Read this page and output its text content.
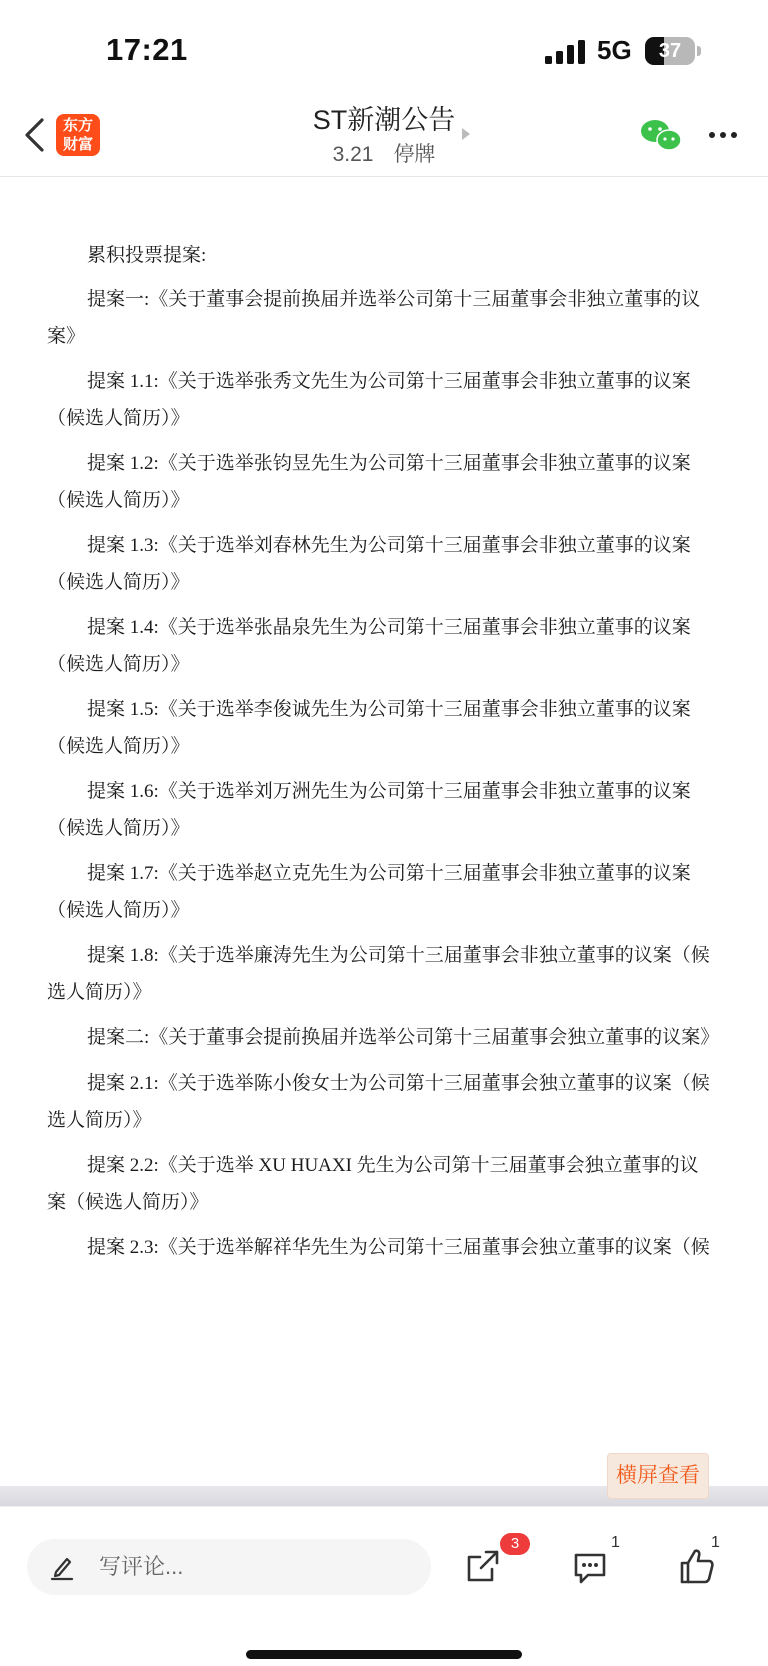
17:21	5G	37
东方
财富
ST新潮公告
3.21 停牌
累积投票提案:
提案一:《关于董事会提前换届并选举公司第十三届董事会非独立董事的议案》
提案 1.1:《关于选举张秀文先生为公司第十三届董事会非独立董事的议案（候选人简历）》
提案 1.2:《关于选举张钧昱先生为公司第十三届董事会非独立董事的议案（候选人简历）》
提案 1.3:《关于选举刘春林先生为公司第十三届董事会非独立董事的议案（候选人简历）》
提案 1.4:《关于选举张晶泉先生为公司第十三届董事会非独立董事的议案（候选人简历）》
提案 1.5:《关于选举李俊诚先生为公司第十三届董事会非独立董事的议案（候选人简历）》
提案 1.6:《关于选举刘万洲先生为公司第十三届董事会非独立董事的议案（候选人简历）》
提案 1.7:《关于选举赵立克先生为公司第十三届董事会非独立董事的议案（候选人简历）》
提案 1.8:《关于选举廉涛先生为公司第十三届董事会非独立董事的议案（候选人简历）》
提案二:《关于董事会提前换届并选举公司第十三届董事会独立董事的议案》
提案 2.1:《关于选举陈小俊女士为公司第十三届董事会独立董事的议案（候选人简历）》
提案 2.2:《关于选举 XU HUAXI 先生为公司第十三届董事会独立董事的议案（候选人简历）》
提案 2.3:《关于选举解祥华先生为公司第十三届董事会独立董事的议案（候
横屏查看
写评论...
3	1	1
